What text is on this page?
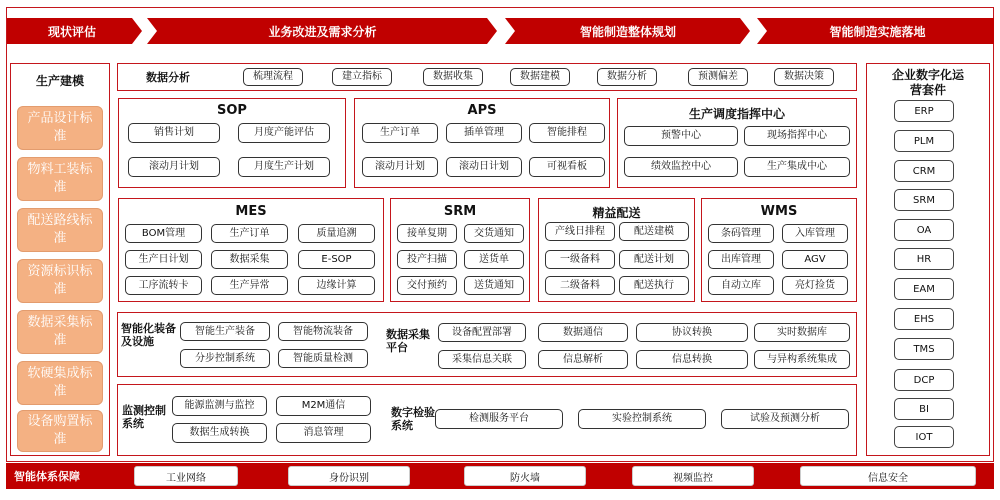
现状评估	业务改进及需求分析	智能制造整体规划	智能制造实施落地
生产建模
产品设计标准
物料工装标准
配送路线标准
资源标识标准
数据采集标准
软硬集成标准
设备购置标准
数据分析	梳理流程	建立指标	数据收集	数据建模	数据分析	预测偏差	数据决策
SOP
销售计划	月度产能评估
滚动月计划	月度生产计划
APS
生产订单	插单管理	智能排程
滚动月计划	滚动日计划	可视看板
生产调度指挥中心
预警中心	现场指挥中心
绩效监控中心	生产集成中心
MES
BOM管理	生产订单	质量追溯
生产日计划	数据采集	E-SOP
工序流转卡	生产异常	边缘计算
SRM
接单复期	交货通知
投产扫描	送货单
交付预约	送货通知
精益配送
产线日排程	配送建模
一级备料	配送计划
二级备料	配送执行
WMS
条码管理	入库管理
出库管理	AGV
自动立库	亮灯捡货
智能化装备及设施
智能生产装备	智能物流装备
分步控制系统	智能质量检测
数据采集平台
设备配置部署	数据通信	协议转换	实时数据库
采集信息关联	信息解析	信息转换	与异构系统集成
监测控制系统
能源监测与监控	M2M通信
数据生成转换	消息管理
数字检验系统
检测服务平台	实验控制系统	试验及预测分析
企业数字化运营套件
ERP
PLM
CRM
SRM
OA
HR
EAM
EHS
TMS
DCP
BI
IOT
智能体系保障	工业网络	身份识别	防火墙	视频监控	信息安全
